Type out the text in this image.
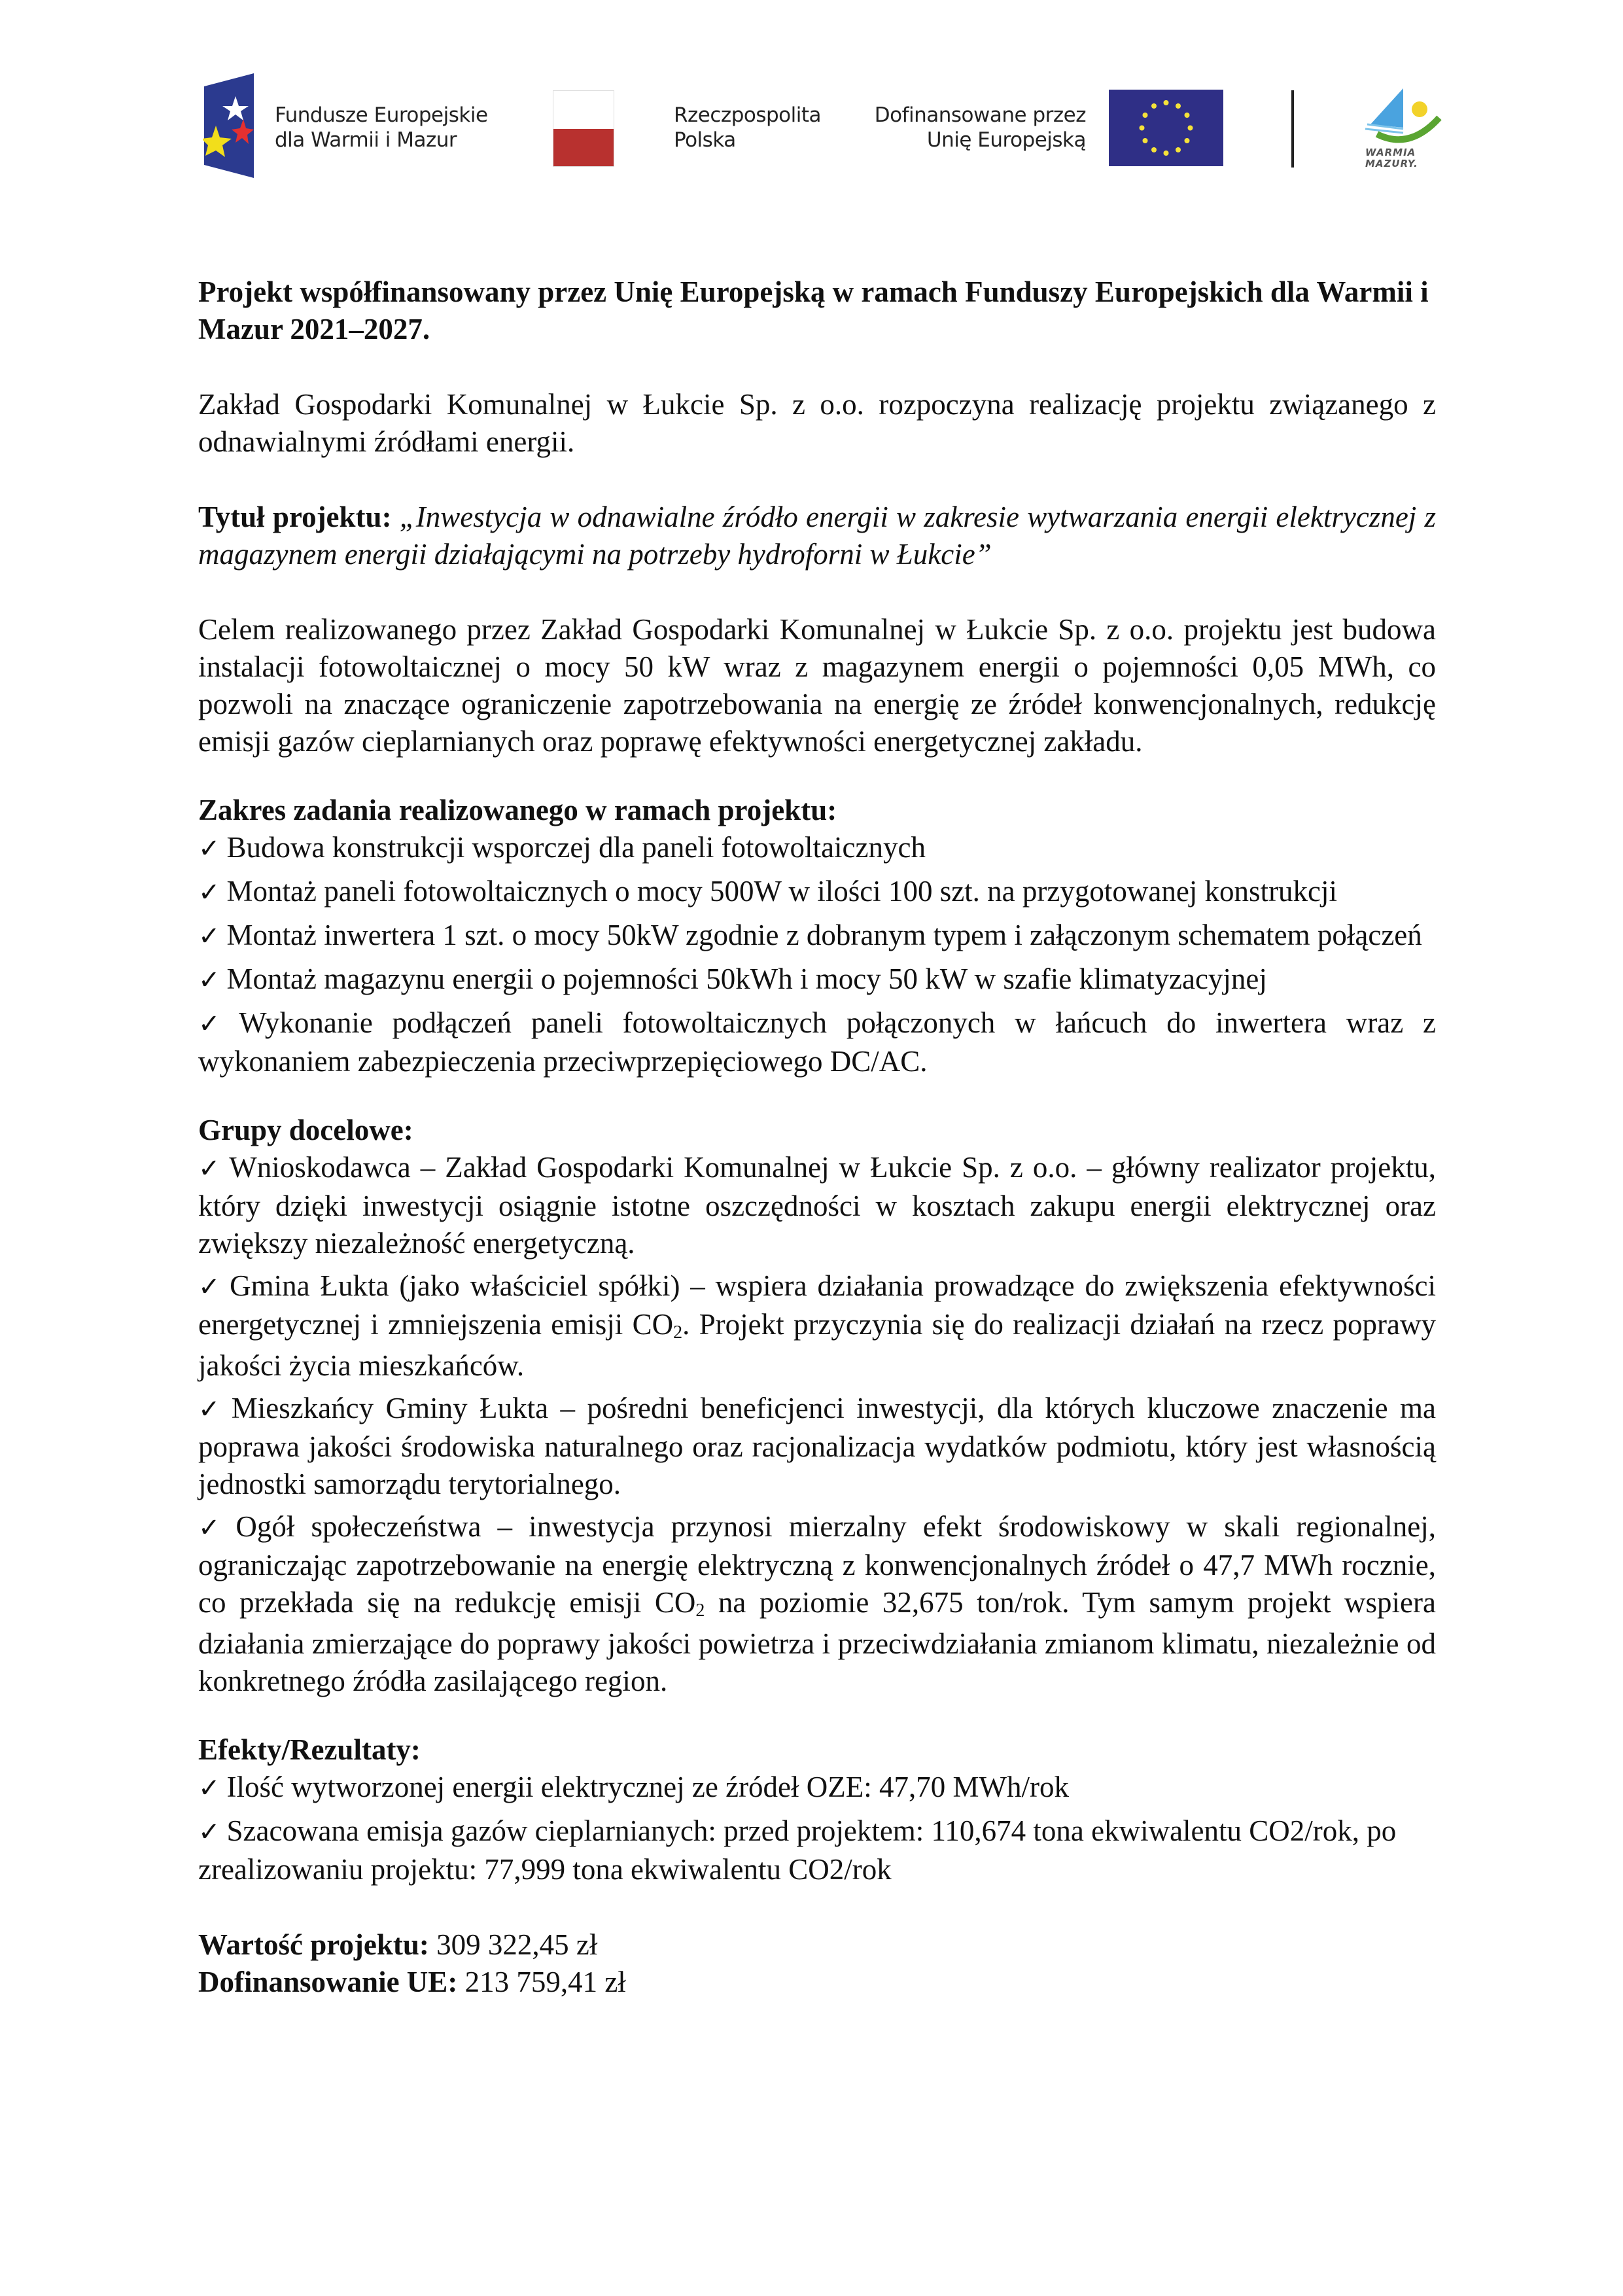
Fundusze Europejskie
dla Warmii i Mazur
Rzeczpospolita
Polska
Dofinansowane przez
Unię Europejską
WARMIA
MAZURY.

Projekt współfinansowany przez Unię Europejską w ramach Funduszy Europejskich dla Warmii i Mazur 2021–2027.

Zakład Gospodarki Komunalnej w Łukcie Sp. z o.o. rozpoczyna realizację projektu związanego z odnawialnymi źródłami energii.

Tytuł projektu: „Inwestycja w odnawialne źródło energii w zakresie wytwarzania energii elektrycznej z magazynem energii działającymi na potrzeby hydroforni w Łukcie”

Celem realizowanego przez Zakład Gospodarki Komunalnej w Łukcie Sp. z o.o. projektu jest budowa instalacji fotowoltaicznej o mocy 50 kW wraz z magazynem energii o pojemności 0,05 MWh, co pozwoli na znaczące ograniczenie zapotrzebowania na energię ze źródeł konwencjonalnych, redukcję emisji gazów cieplarnianych oraz poprawę efektywności energetycznej zakładu.

Zakres zadania realizowanego w ramach projektu:

✓ Budowa konstrukcji wsporczej dla paneli fotowoltaicznych

✓ Montaż paneli fotowoltaicznych o mocy 500W w ilości 100 szt. na przygotowanej konstrukcji

✓ Montaż inwertera 1 szt. o mocy 50kW zgodnie z dobranym typem i załączonym schematem połączeń

✓ Montaż magazynu energii o pojemności 50kWh i mocy 50 kW w szafie klimatyzacyjnej

✓ Wykonanie podłączeń paneli fotowoltaicznych połączonych w łańcuch do inwertera wraz z wykonaniem zabezpieczenia przeciwprzepięciowego DC/AC.

Grupy docelowe:

✓ Wnioskodawca – Zakład Gospodarki Komunalnej w Łukcie Sp. z o.o. – główny realizator projektu, który dzięki inwestycji osiągnie istotne oszczędności w kosztach zakupu energii elektrycznej oraz zwiększy niezależność energetyczną.

✓ Gmina Łukta (jako właściciel spółki) – wspiera działania prowadzące do zwiększenia efektywności energetycznej i zmniejszenia emisji $CO_2$. Projekt przyczynia się do realizacji działań na rzecz poprawy jakości życia mieszkańców.

✓ Mieszkańcy Gminy Łukta – pośredni beneficjenci inwestycji, dla których kluczowe znaczenie ma poprawa jakości środowiska naturalnego oraz racjonalizacja wydatków podmiotu, który jest własnością jednostki samorządu terytorialnego.

✓ Ogół społeczeństwa – inwestycja przynosi mierzalny efekt środowiskowy w skali regionalnej, ograniczając zapotrzebowanie na energię elektryczną z konwencjonalnych źródeł o 47,7 MWh rocznie, co przekłada się na redukcję emisji $CO_2$ na poziomie 32,675 ton/rok. Tym samym projekt wspiera działania zmierzające do poprawy jakości powietrza i przeciwdziałania zmianom klimatu, niezależnie od konkretnego źródła zasilającego region.

Efekty/Rezultaty:

✓ Ilość wytworzonej energii elektrycznej ze źródeł OZE: 47,70 MWh/rok

✓ Szacowana emisja gazów cieplarnianych: przed projektem: 110,674 tona ekwiwalentu CO2/rok, po zrealizowaniu projektu: 77,999 tona ekwiwalentu CO2/rok

Wartość projektu: 309 322,45 zł

Dofinansowanie UE: 213 759,41 zł
